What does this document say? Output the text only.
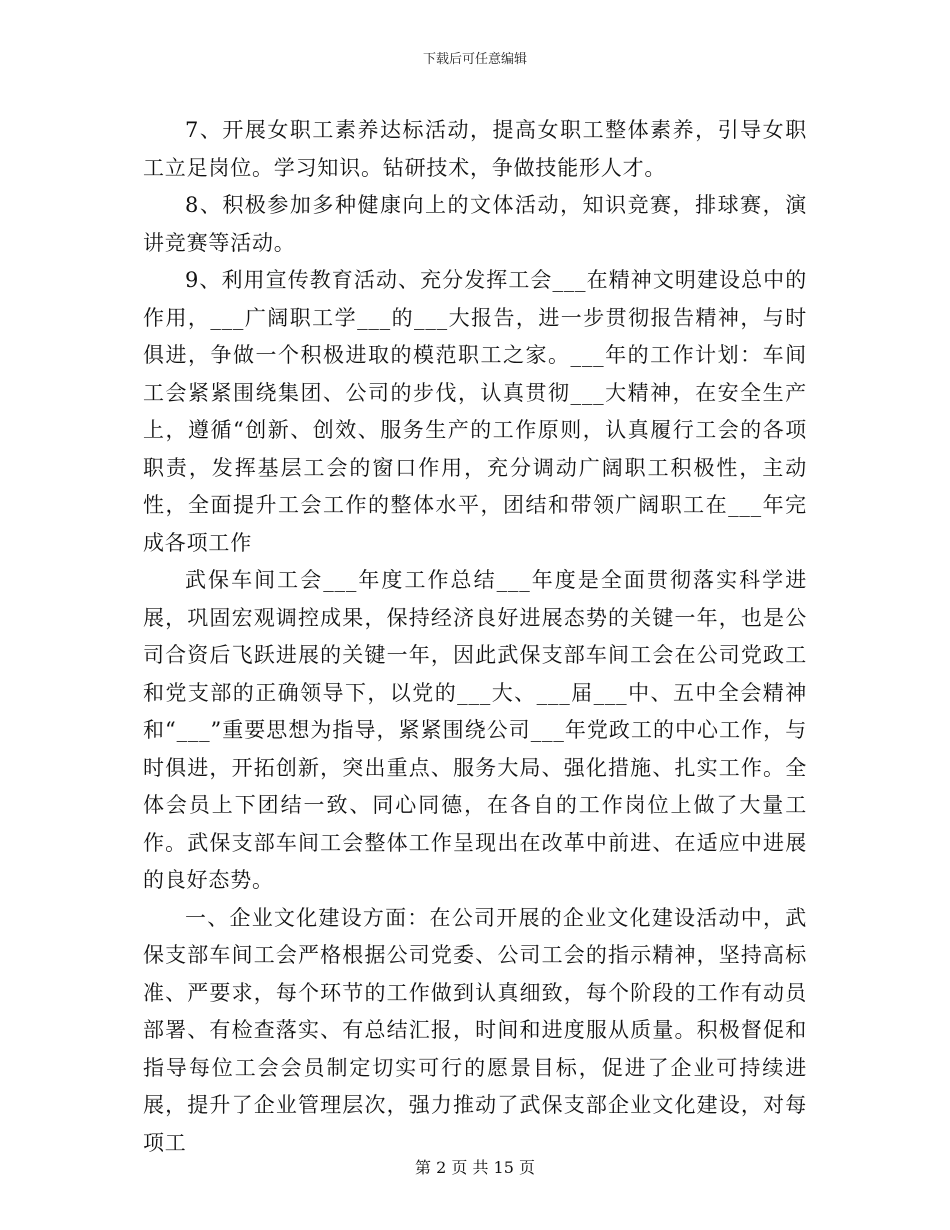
下载后可任意编辑

7、开展女职工素养达标活动，提高女职工整体素养，引导女职工立足岗位。学习知识。钻研技术，争做技能形人才。

8、积极参加多种健康向上的文体活动，知识竞赛，排球赛，演讲竞赛等活动。

9、利用宣传教育活动、充分发挥工会___在精神文明建设总中的作用，___广阔职工学___的___大报告，进一步贯彻报告精神，与时俱进，争做一个积极进取的模范职工之家。___年的工作计划：车间工会紧紧围绕集团、公司的步伐，认真贯彻___大精神，在安全生产上，遵循“创新、创效、服务生产的工作原则，认真履行工会的各项职责，发挥基层工会的窗口作用，充分调动广阔职工积极性，主动性，全面提升工会工作的整体水平，团结和带领广阔职工在___年完成各项工作

武保车间工会___年度工作总结___年度是全面贯彻落实科学进展，巩固宏观调控成果，保持经济良好进展态势的关键一年，也是公司合资后飞跃进展的关键一年，因此武保支部车间工会在公司党政工和党支部的正确领导下，以党的___大、___届___中、五中全会精神和“___”重要思想为指导，紧紧围绕公司___年党政工的中心工作，与时俱进，开拓创新，突出重点、服务大局、强化措施、扎实工作。全体会员上下团结一致、同心同德，在各自的工作岗位上做了大量工作。武保支部车间工会整体工作呈现出在改革中前进、在适应中进展的良好态势。

一、企业文化建设方面：在公司开展的企业文化建设活动中，武保支部车间工会严格根据公司党委、公司工会的指示精神，坚持高标准、严要求，每个环节的工作做到认真细致，每个阶段的工作有动员部署、有检查落实、有总结汇报，时间和进度服从质量。积极督促和指导每位工会会员制定切实可行的愿景目标，促进了企业可持续进展，提升了企业管理层次，强力推动了武保支部企业文化建设，对每项工

第 2 页 共 15 页
